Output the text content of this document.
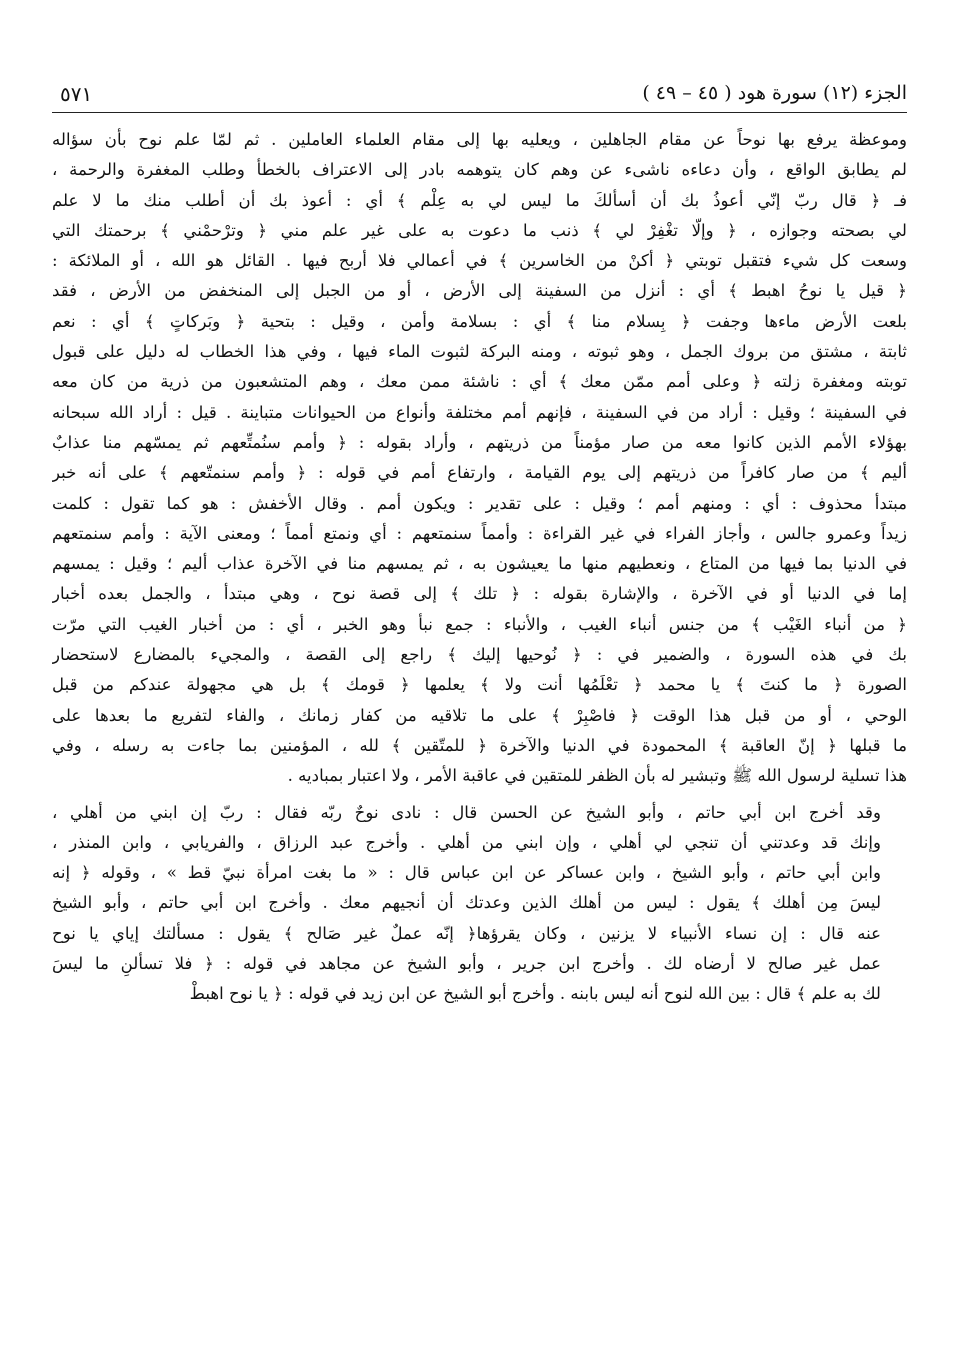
الجزء (١٢) سورة هود ( ٤٥ – ٤٩ )
٥٧١

وموعظة يرفع بها نوحاً عن مقام الجاهلين ، ويعليه بها إلى مقام العلماء العاملين . ثم لمّا علم نوح بأن سؤاله
لم يطابق الواقع ، وأن دعاءه ناشىء عن وهم كان يتوهمه بادر إلى الاعتراف بالخطأ وطلب المغفرة والرحمة ،
فـ ﴿ قال ربّ إنّي أعوذُ بك أن أسألكَ ما ليس لي به عِلْم ﴾ أي : أعوذ بك أن أطلب منك ما لا علم
لي بصحته وجوازه ، ﴿ وإلّا تغْفِرْ لي ﴾ ذنب ما دعوت به على غير علم مني ﴿ وترْحمْني ﴾ برحمتك التي
وسعت كل شيء فتقبل توبتي ﴿ أكنْ من الخاسرين ﴾ في أعمالي فلا أربح فيها . القائل هو الله ، أو الملائكة :
﴿ قيل يا نوحُ اهبط ﴾ أي : أنزل من السفينة إلى الأرض ، أو من الجبل إلى المنخفض من الأرض ، فقد
بلعت الأرض ماءها وجفت ﴿ بِسلام منا ﴾ أي : بسلامة وأمن ، وقيل : بتحية ﴿ وبَركاتٍ ﴾ أي : نعم
ثابتة ، مشتق من بروك الجمل ، وهو ثبوته ، ومنه البركة لثبوت الماء فيها ، وفي هذا الخطاب له دليل على قبول
توبته ومغفرة زلته ﴿ وعلى أمم ممّن معك ﴾ أي : ناشئة ممن معك ، وهم المتشعبون من ذرية من كان معه
في السفينة ؛ وقيل : أراد من في السفينة ، فإنهم أمم مختلفة وأنواع من الحيوانات متباينة . قيل : أراد الله سبحانه
بهؤلاء الأمم الذين كانوا معه من صار مؤمناً من ذريتهم ، وأراد بقوله : ﴿ وأمم سنُمتِّعهم ثم يمسّهم منا عذابٌ
أليم ﴾ من صار كافراً من ذريتهم إلى يوم القيامة ، وارتفاع أمم في قوله : ﴿ وأمم سنمتّعهم ﴾ على أنه خبر
مبتدأ محذوف : أي : ومنهم أمم ؛ وقيل : على تقدير : ويكون أمم . وقال الأخفش : هو كما تقول : كلمت
زيداً وعمرو جالس ، وأجاز الفراء في غير القراءة : وأمماً سنمتعهم : أي ونمتع أمماً ؛ ومعنى الآية : وأمم سنمتعهم
في الدنيا بما فيها من المتاع ، ونعطيهم منها ما يعيشون به ، ثم يمسهم منا في الآخرة عذاب أليم ؛ وقيل : يمسهم
إما في الدنيا أو في الآخرة ، والإشارة بقوله : ﴿ تلك ﴾ إلى قصة نوح ، وهي مبتدأ ، والجمل بعده أخبار
﴿ من أنباء الغَيْب ﴾ من جنس أنباء الغيب ، والأنباء : جمع نبأ وهو الخبر ، أي : من أخبار الغيب التي مرّت
بك في هذه السورة ، والضمير في : ﴿ نُوحيها إليك ﴾ راجع إلى القصة ، والمجيء بالمضارع لاستحضار
الصورة ﴿ ما كنتَ ﴾ يا محمد ﴿ تعْلَمُها أنت ولا ﴾ يعلمها ﴿ قومك ﴾ بل هي مجهولة عندكم من قبل
الوحي ، أو من قبل هذا الوقت ﴿ فاصْبِرْ ﴾ على ما تلاقيه من كفار زمانك ، والفاء لتفريع ما بعدها على
ما قبلها ﴿ إنّ العاقبة ﴾ المحمودة في الدنيا والآخرة ﴿ للمتّقين ﴾ لله ، المؤمنين بما جاءت به رسله ، وفي
هذا تسلية لرسول الله ﷺ وتبشير له بأن الظفر للمتقين في عاقبة الأمر ، ولا اعتبار بمباديه .

وقد أخرج ابن أبي حاتم ، وأبو الشيخ عن الحسن قال : نادى نوحٌ ربّه فقال : ربّ إن ابني من أهلي ،
وإنك قد وعدتني أن تنجي لي أهلي ، وإن ابني من أهلي . وأخرج عبد الرزاق ، والفريابي ، وابن المنذر ،
وابن أبي حاتم ، وأبو الشيخ ، وابن عساكر عن ابن عباس قال : « ما بغت امرأة نبيّ قط » ، وقوله ﴿ إنه
ليسَ مِن أهلك ﴾ يقول : ليس من أهلك الذين وعدتك أن أنجيهم معك . وأخرج ابن أبي حاتم ، وأبو الشيخ
عنه قال : إن نساء الأنبياء لا يزنين ، وكان يقرؤها﴿ إنّه عملٌ غير صَالح ﴾ يقول : مسألتك إياي يا نوح
عمل غير صالح لا أرضاه لك . وأخرج ابن جرير ، وأبو الشيخ عن مجاهد في قوله : ﴿ فلا تسألنِ ما ليسَ
لك به علم ﴾ قال : بين الله لنوح أنه ليس بابنه . وأخرج أبو الشيخ عن ابن زيد في قوله : ﴿ يا نوح اهبطْ
